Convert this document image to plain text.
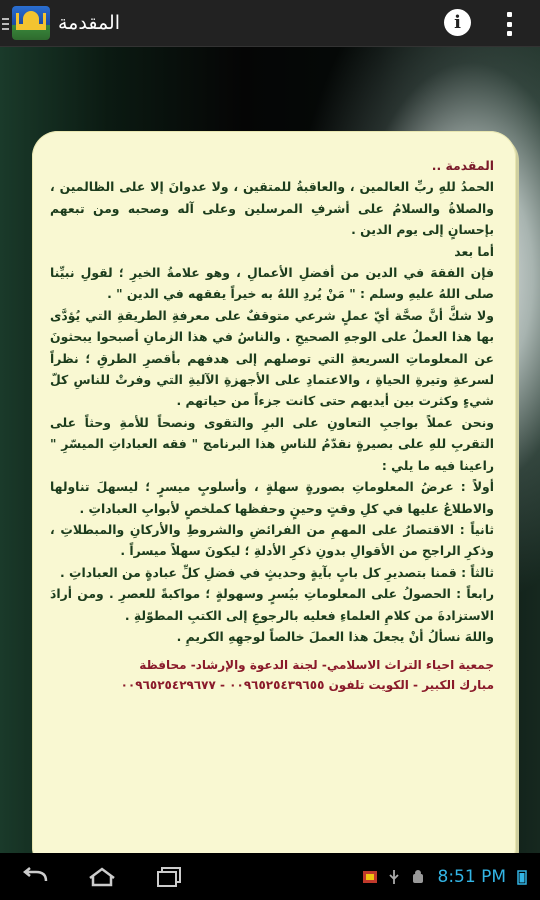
المقدمة	i

المقدمة ..

الحمدُ للهِ ربِّ العالمين ، والعاقبةُ للمتقين ، ولا عدوانَ إلا على الظالمين ، والصلاةُ والسلامُ على أشرفِ المرسلين وعلى آله وصحبه ومن تبعهم بإحسانٍ إلى يوم الدين .

أما بعد

فإن الفقهَ في الدين من أفضلِ الأعمالِ ، وهو علامةُ الخيرِ ؛ لقولِ نبيِّنا صلى اللهُ عليهِ وسلم : " مَنْ يُردِ اللهُ به خيراً يفقهه في الدين " .

ولا شكَّ أنَّ صحَّة أيّ عملٍ شرعي متوقفٌ على معرفةِ الطريقةِ التي يُؤدَّى بها هذا العملُ على الوجهِ الصحيحِ . والناسُ في هذا الزمانِ أصبحوا يبحثونَ عن المعلوماتِ السريعةِ التي توصلهم إلى هدفهم بأقصرِ الطرقِ ؛ نظراً لسرعةِ وتيرةِ الحياةِ ، والاعتمادِ على الأجهزةِ الآليةِ التي وفرتْ للناسِ كلّ شيءٍ وكثرت بين أيديهم حتى كانت جزءاً من حياتهم .

ونحن عملاً بواجبِ التعاونِ على البرِ والتقوى ونصحاً للأمةِ وحثاً على التقربِ للهِ على بصيرةٍ نقدّمُ للناسِ هذا البرنامج " فقه العباداتِ الميسّرِ " راعينا فيه ما يلي :

أولاً : عرضُ المعلوماتِ بصورةٍ سهلةٍ ، وأسلوبٍ ميسرٍ ؛ ليسهلَ تناولها والاطلاعُ عليها في كلِ وقتٍ وحينٍ وحفظها كملخصٍ لأبوابِ العباداتِ .

ثانياً : الاقتصارُ على المهمِ من الفرائضِ والشروطِ والأركانِ والمبطلاتِ ، وذكرِ الراجحِ من الأقوالِ بدونِ ذكرِ الأدلةِ ؛ ليكونَ سهلاً ميسراً .

ثالثاً : قمنا بتصديرِ كل بابٍ بآيةٍ وحديثٍ في فضلِ كلِّ عبادةٍ من العباداتِ .

رابعاً : الحصولُ على المعلوماتِ بيُسرٍ وسهولةٍ ؛ مواكبةً للعصرِ . ومن أرادَ الاستزادةَ من كلامِ العلماءِ فعليه بالرجوعِ إلى الكتبِ المطوّلةِ .

واللهَ نسألُ أنْ يجعلَ هذا العملَ خالصاً لوجهِهِ الكريمِ .

جمعية احياء التراث الاسلامي- لجنة الدعوة والإرشاد- محافظة
مبارك الكبير - الكويت تلفون ٠٠٩٦٥٢٥٤٣٩٦٥٥ - ٠٠٩٦٥٢٥٤٢٩٦٧٧
8:51 PM
